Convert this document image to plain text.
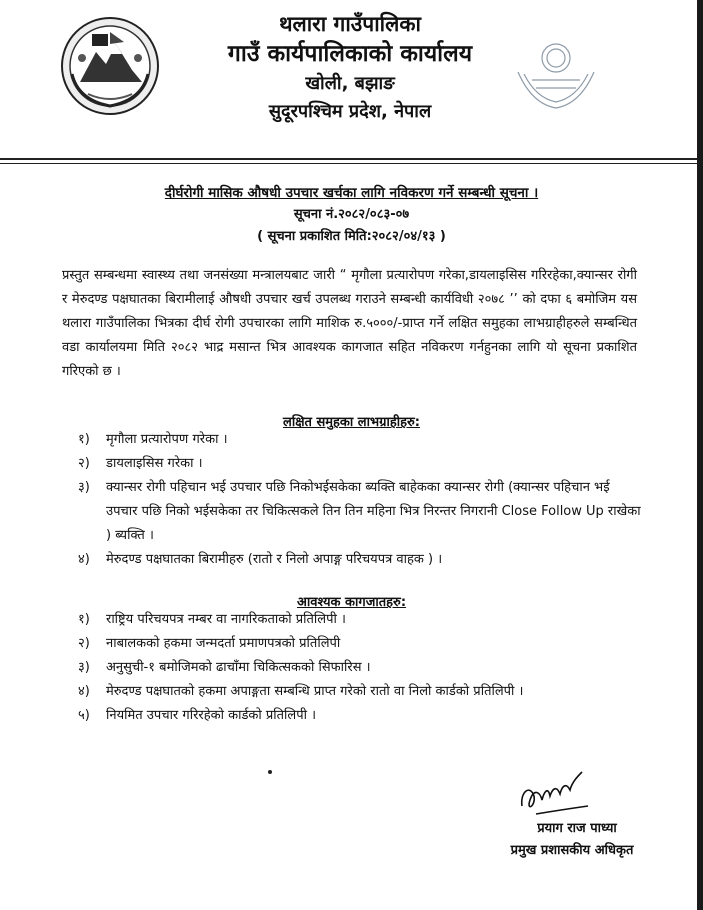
थलारा गाउँपालिका
गाउँ कार्यपालिकाको कार्यालय
खोली, बझाङ
सुदूरपश्चिम प्रदेश, नेपाल
दीर्घरोगी मासिक औषधी उपचार खर्चका लागि नविकरण गर्ने सम्बन्धी सूचना ।
सूचना नं.२०८२/०८३-०७
( सूचना प्रकाशित मिति:२०८२/०४/१३ )
प्रस्तुत सम्बन्धमा स्वास्थ्य तथा जनसंख्या मन्त्रालयबाट जारी “ मृगौला प्रत्यारोपण गरेका,डायलाइसिस गरिरहेका,क्यान्सर रोगी र मेरुदण्ड पक्षघातका बिरामीलाई औषधी उपचार खर्च उपलब्ध गराउने सम्बन्धी कार्यविधी २०७८ ’’ को दफा ६ बमोजिम यस थलारा गाउँपालिका भित्रका दीर्घ रोगी उपचारका लागि माशिक रु.५०००/-प्राप्त गर्ने लक्षित समुहका लाभग्राहीहरुले सम्बन्धित वडा कार्यालयमा मिति २०८२ भाद्र मसान्त भित्र आवश्यक कागजात सहित नविकरण गर्नहुनका लागि यो सूचना प्रकाशित गरिएको छ ।
लक्षित समुहका लाभग्राहीहरु:
१) मृगौला प्रत्यारोपण गरेका ।
२) डायलाइसिस गरेका ।
३) क्यान्सर रोगी पहिचान भई उपचार पछि निकोभईसकेका ब्यक्ति बाहेकका क्यान्सर रोगी (क्यान्सर पहिचान भई उपचार पछि निको भईसकेका तर चिकित्सकले तिन तिन महिना भित्र निरन्तर निगरानी Close Follow Up राखेका ) ब्यक्ति ।
४) मेरुदण्ड पक्षघातका बिरामीहरु (रातो र निलो अपाङ्ग परिचयपत्र वाहक ) ।
आवश्यक कागजातहरु:
१) राष्ट्रिय परिचयपत्र नम्बर वा नागरिकताको प्रतिलिपी ।
२) नाबालकको हकमा जन्मदर्ता प्रमाणपत्रको प्रतिलिपी
३) अनुसुची-१ बमोजिमको ढाचाँमा चिकित्सकको सिफारिस ।
४) मेरुदण्ड पक्षघातको हकमा अपाङ्गता सम्बन्धि प्राप्त गरेको रातो वा निलो कार्डको प्रतिलिपी ।
५) नियमित उपचार गरिरहेको कार्डको प्रतिलिपी ।
प्रयाग राज पाध्या
प्रमुख प्रशासकीय अधिकृत
